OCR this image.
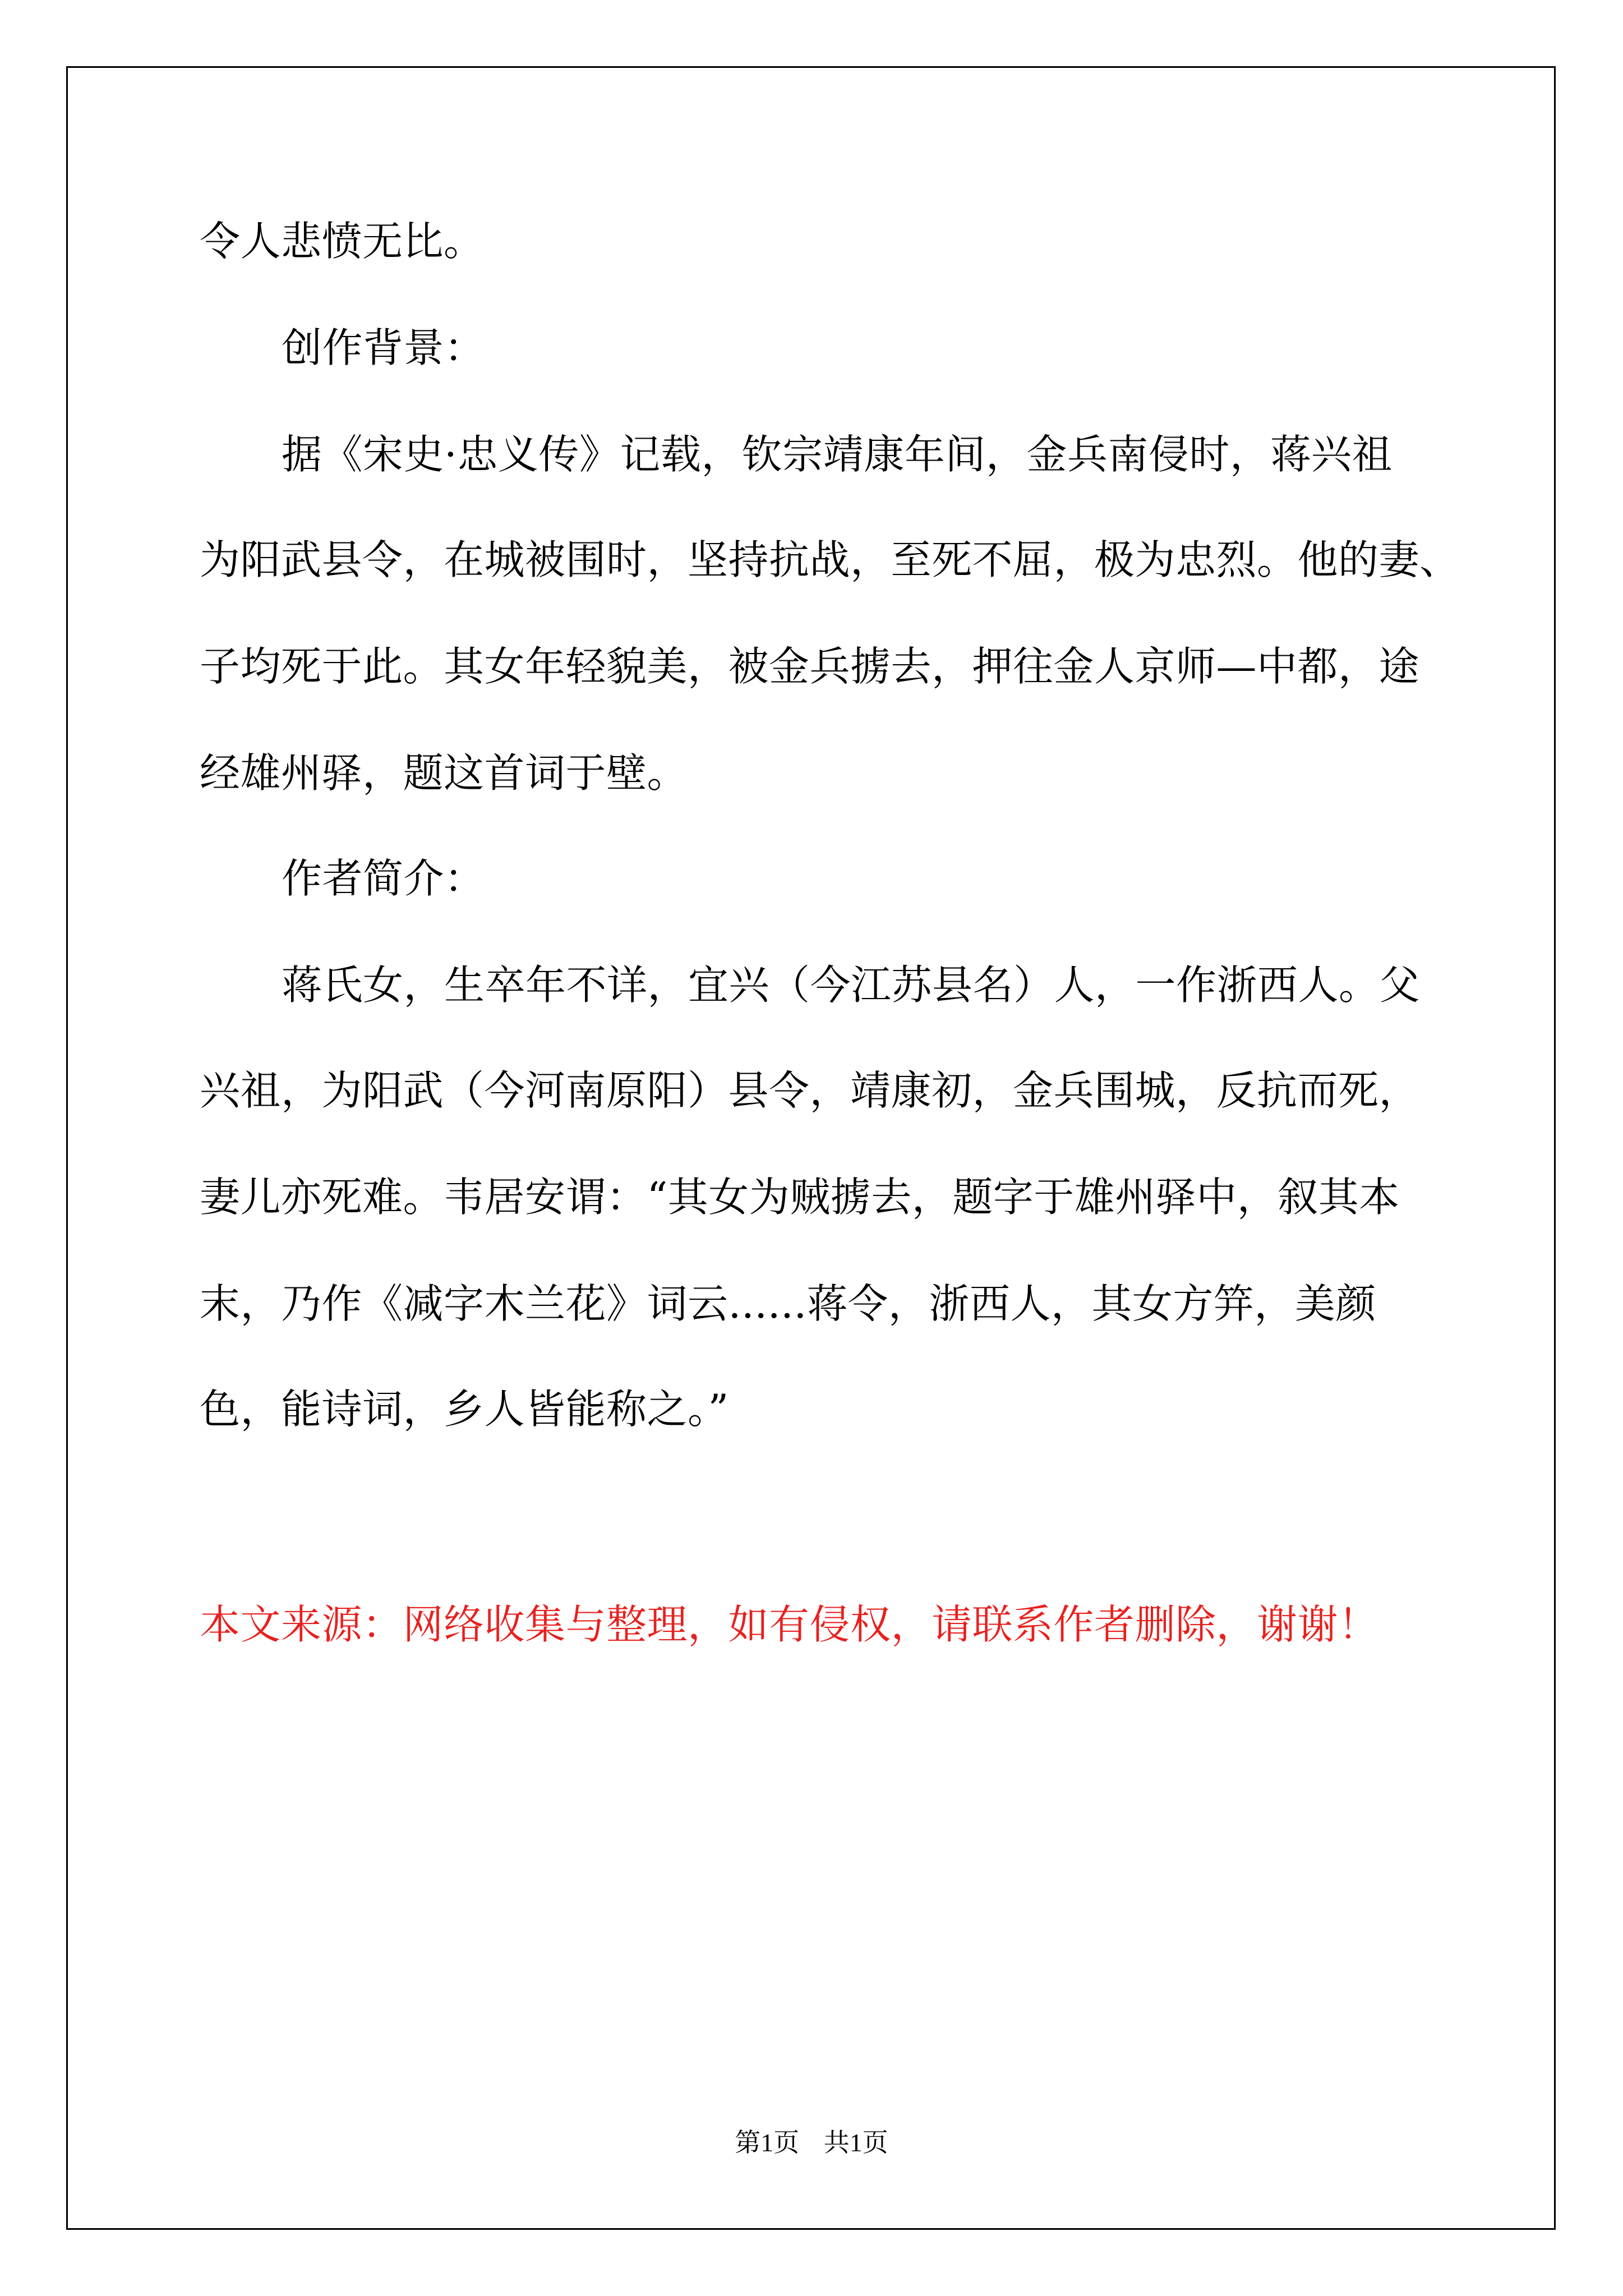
令人悲愤无比。
创作背景：
据《宋史·忠义传》记载，钦宗靖康年间，金兵南侵时，蒋兴祖
为阳武县令，在城被围时，坚持抗战，至死不屈，极为忠烈。他的妻、
子均死于此。其女年轻貌美，被金兵掳去，押往金人京师—中都，途
经雄州驿，题这首词于壁。
作者简介：
蒋氏女，生卒年不详，宜兴（今江苏县名）人，一作浙西人。父
兴祖，为阳武（今河南原阳）县令，靖康初，金兵围城，反抗而死，
妻儿亦死难。韦居安谓：“其女为贼掳去，题字于雄州驿中，叙其本
末，乃作《减字木兰花》词云......蒋令，浙西人，其女方笄，美颜
色，能诗词，乡人皆能称之。”
本文来源：网络收集与整理，如有侵权，请联系作者删除，谢谢！
第1页 共1页
